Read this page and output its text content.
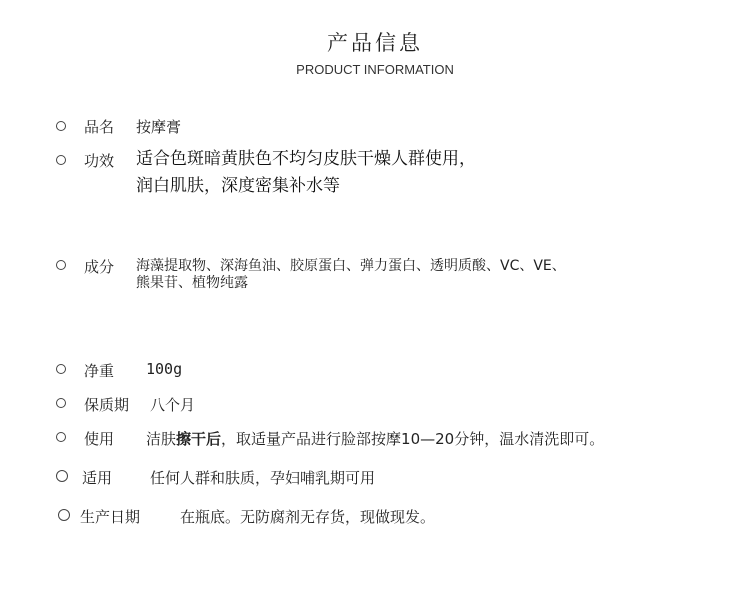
产品信息
PRODUCT INFORMATION
品名 按摩膏
功效 适合色斑暗黄肤色不均匀皮肤干燥人群使用，
润白肌肤，深度密集补水等
成分 海藻提取物、深海鱼油、胶原蛋白、弹力蛋白、透明质酸、VC、VE、
熊果苷、植物纯露
净重 100g
保质期 八个月
使用 洁肤擦干后，取适量产品进行脸部按摩10—20分钟，温水清洗即可。
适用	任何人群和肤质，孕妇哺乳期可用
生产日期	在瓶底。无防腐剂无存货，现做现发。
